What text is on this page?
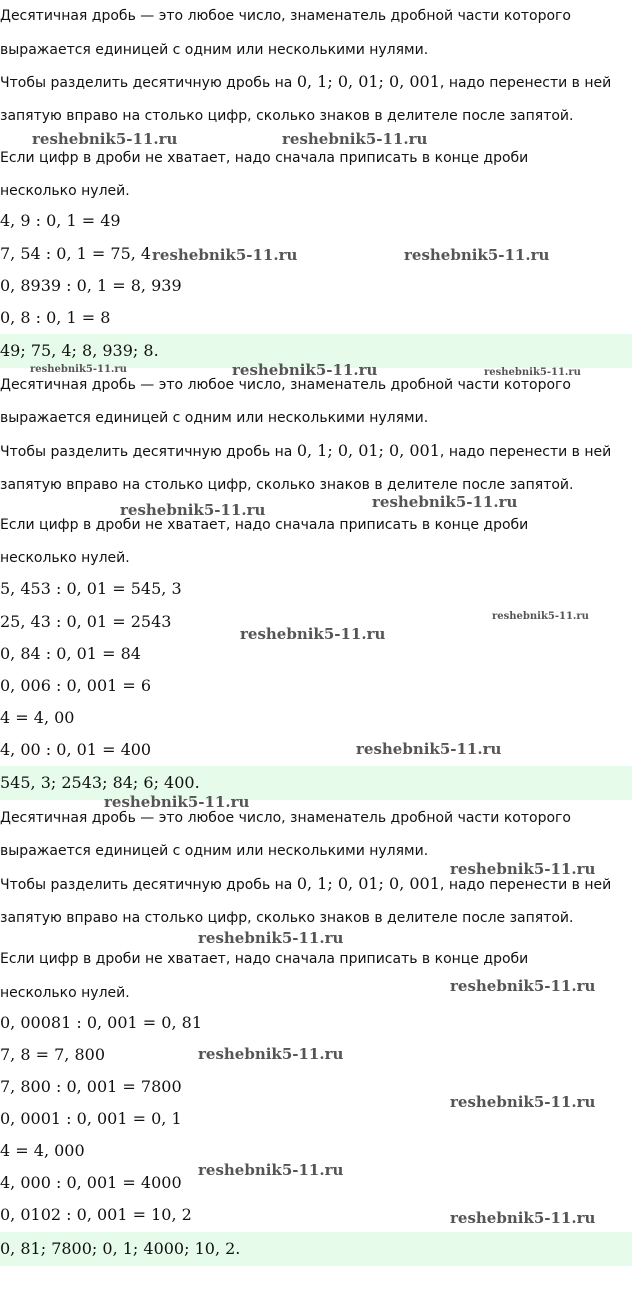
Десятичная дробь — это любое число, знаменатель дробной части которого
выражается единицей с одним или несколькими нулями.
Чтобы разделить десятичную дробь на 0, 1; 0, 01; 0, 001, надо перенести в ней
запятую вправо на столько цифр, сколько знаков в делителе после запятой.
Если цифр в дроби не хватает, надо сначала приписать в конце дроби
несколько нулей.
4, 9 : 0, 1 = 49
7, 54 : 0, 1 = 75, 4
0, 8939 : 0, 1 = 8, 939
0, 8 : 0, 1 = 8
49; 75, 4; 8, 939; 8.
Десятичная дробь — это любое число, знаменатель дробной части которого
выражается единицей с одним или несколькими нулями.
Чтобы разделить десятичную дробь на 0, 1; 0, 01; 0, 001, надо перенести в ней
запятую вправо на столько цифр, сколько знаков в делителе после запятой.
Если цифр в дроби не хватает, надо сначала приписать в конце дроби
несколько нулей.
5, 453 : 0, 01 = 545, 3
25, 43 : 0, 01 = 2543
0, 84 : 0, 01 = 84
0, 006 : 0, 001 = 6
4 = 4, 00
4, 00 : 0, 01 = 400
545, 3; 2543; 84; 6; 400.
Десятичная дробь — это любое число, знаменатель дробной части которого
выражается единицей с одним или несколькими нулями.
Чтобы разделить десятичную дробь на 0, 1; 0, 01; 0, 001, надо перенести в ней
запятую вправо на столько цифр, сколько знаков в делителе после запятой.
Если цифр в дроби не хватает, надо сначала приписать в конце дроби
несколько нулей.
0, 00081 : 0, 001 = 0, 81
7, 8 = 7, 800
7, 800 : 0, 001 = 7800
0, 0001 : 0, 001 = 0, 1
4 = 4, 000
4, 000 : 0, 001 = 4000
0, 0102 : 0, 001 = 10, 2
0, 81; 7800; 0, 1; 4000; 10, 2.
reshebnik5-11.ru	reshebnik5-11.ru
reshebnik5-11.ru	reshebnik5-11.ru
reshebnik5-11.ru	reshebnik5-11.ru	reshebnik5-11.ru
reshebnik5-11.ru	reshebnik5-11.ru
reshebnik5-11.ru
reshebnik5-11.ru
reshebnik5-11.ru
reshebnik5-11.ru
reshebnik5-11.ru
reshebnik5-11.ru
reshebnik5-11.ru
reshebnik5-11.ru
reshebnik5-11.ru
reshebnik5-11.ru
reshebnik5-11.ru
